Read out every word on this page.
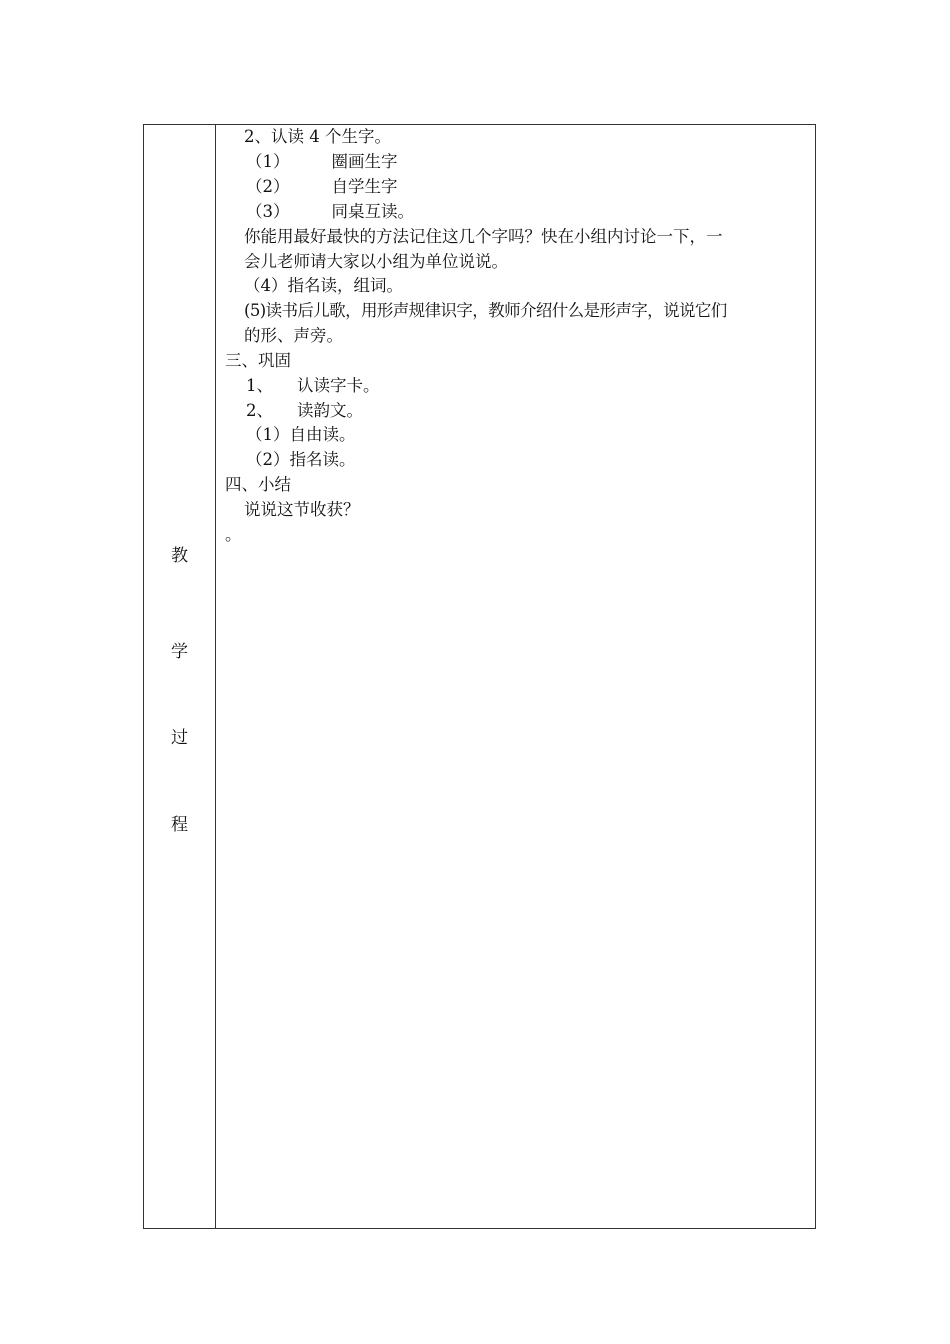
教
学
过
程
2、认读 4 个生字。
（1）	圈画生字
（2）	自学生字
（3）	同桌互读。
你能用最好最快的方法记住这几个字吗？快在小组内讨论一下，一
会儿老师请大家以小组为单位说说。
（4）指名读，组词。
(5)读书后儿歌，用形声规律识字，教师介绍什么是形声字，说说它们
的形、声旁。
三、巩固
1、 认读字卡。
2、 读韵文。
（1）自由读。
（2）指名读。
四、小结
说说这节收获？
。
